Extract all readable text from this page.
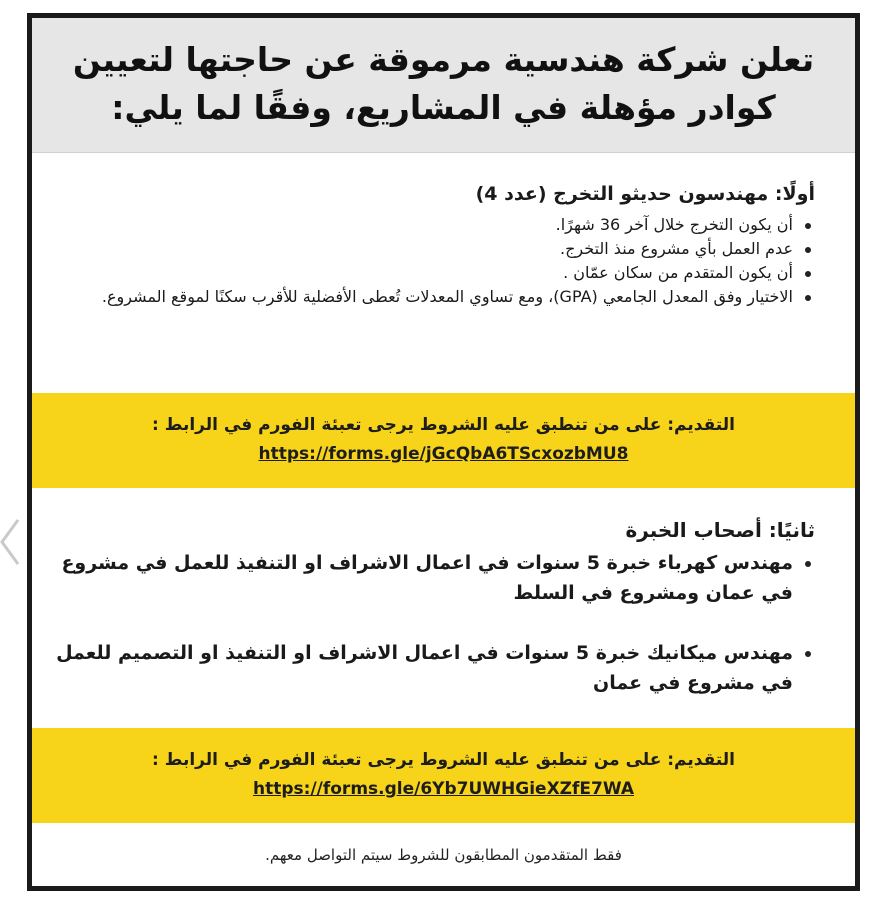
تعلن شركة هندسية مرموقة عن حاجتها لتعيين
كوادر مؤهلة في المشاريع، وفقًا لما يلي:
أولًا: مهندسون حديثو التخرج (عدد 4)
أن يكون التخرج خلال آخر 36 شهرًا.
عدم العمل بأي مشروع منذ التخرج.
أن يكون المتقدم من سكان عمّان .
الاختيار وفق المعدل الجامعي (GPA)، ومع تساوي المعدلات تُعطى الأفضلية للأقرب سكنًا لموقع المشروع.
التقديم: على من تنطبق عليه الشروط يرجى تعبئة الفورم في الرابط :
https://forms.gle/jGcQbA6TScxozbMU8
ثانيًا: أصحاب الخبرة
مهندس كهرباء خبرة 5 سنوات في اعمال الاشراف او التنفيذ للعمل في مشروع في عمان ومشروع في السلط
مهندس ميكانيك خبرة 5 سنوات في اعمال الاشراف او التنفيذ او التصميم للعمل في مشروع في عمان
التقديم: على من تنطبق عليه الشروط يرجى تعبئة الفورم في الرابط :
https://forms.gle/6Yb7UWHGieXZfE7WA
فقط المتقدمون المطابقون للشروط سيتم التواصل معهم.
